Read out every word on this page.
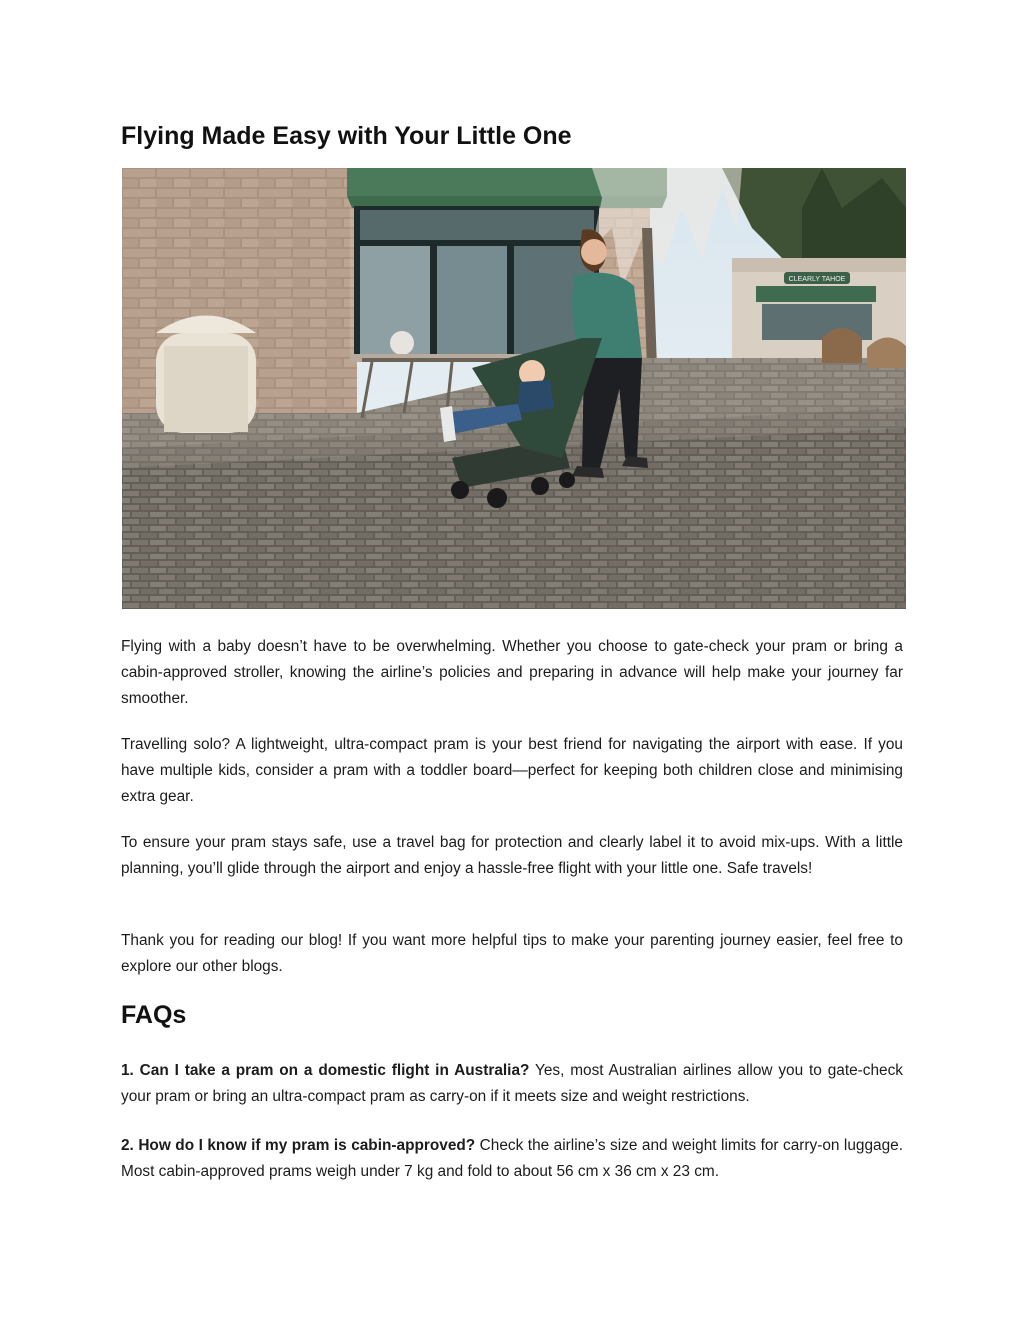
Flying Made Easy with Your Little One
CLEARLY TAHOE

Flying with a baby doesn’t have to be overwhelming. Whether you choose to gate-check your pram or bring a cabin-approved stroller, knowing the airline’s policies and preparing in advance will help make your journey far smoother.

Travelling solo? A lightweight, ultra-compact pram is your best friend for navigating the airport with ease. If you have multiple kids, consider a pram with a toddler board—perfect for keeping both children close and minimising extra gear.

To ensure your pram stays safe, use a travel bag for protection and clearly label it to avoid mix-ups. With a little planning, you’ll glide through the airport and enjoy a hassle-free flight with your little one. Safe travels!

Thank you for reading our blog! If you want more helpful tips to make your parenting journey easier, feel free to explore our other blogs.

FAQs

1. Can I take a pram on a domestic flight in Australia? Yes, most Australian airlines allow you to gate-check your pram or bring an ultra-compact pram as carry-on if it meets size and weight restrictions.

2. How do I know if my pram is cabin-approved? Check the airline’s size and weight limits for carry-on luggage. Most cabin-approved prams weigh under 7 kg and fold to about 56 cm x 36 cm x 23 cm.
